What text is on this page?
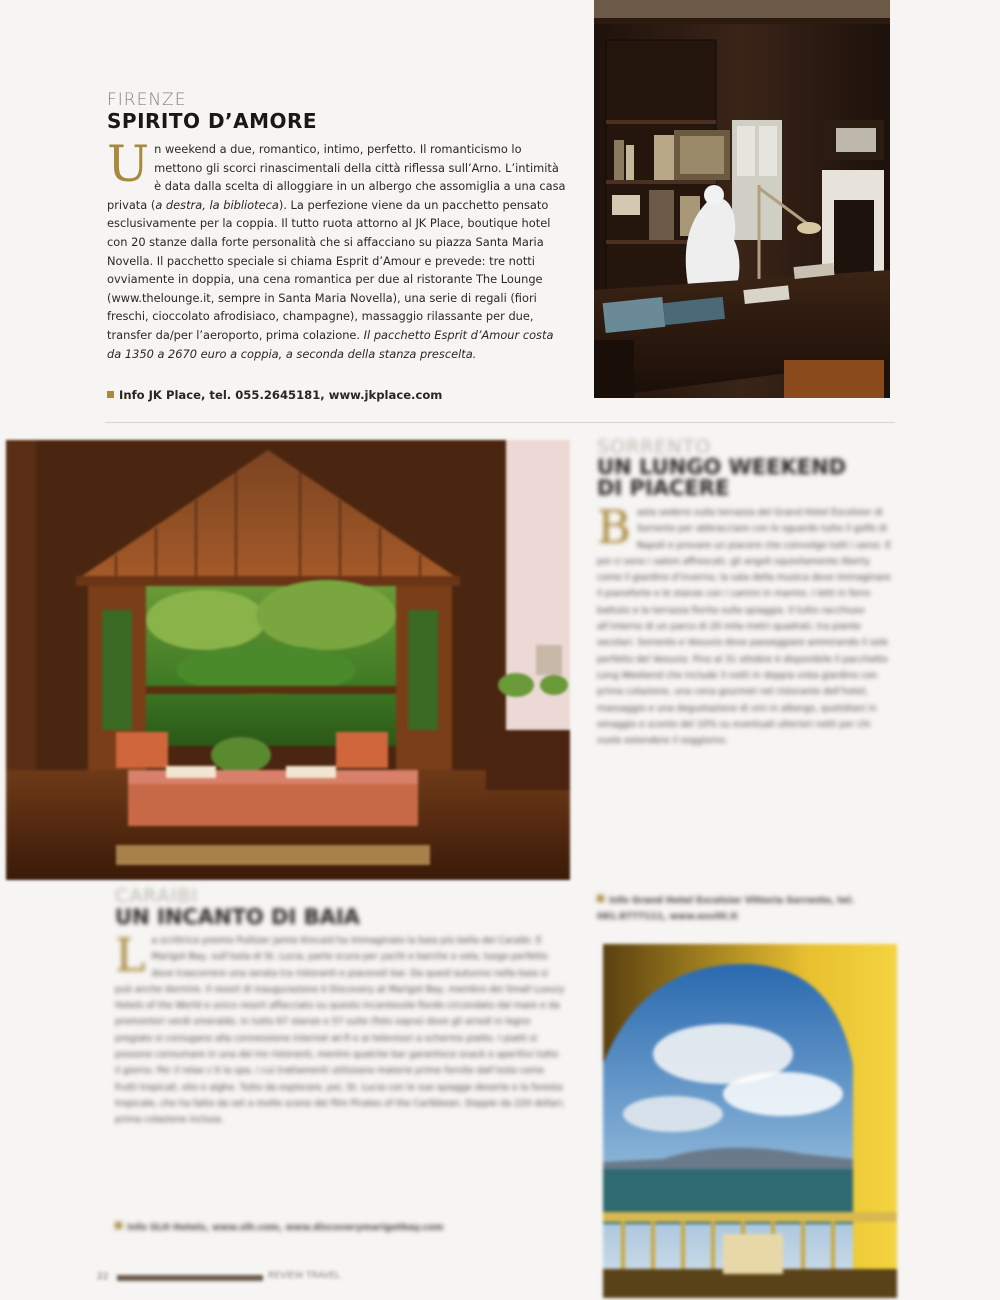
FIRENZE
SPIRITO D’AMORE
Un weekend a due, romantico, intimo, perfetto. Il romanticismo lo mettono gli scorci rinascimentali della città riflessa sull’Arno. L’intimità è data dalla scelta di alloggiare in un albergo che assomiglia a una casa privata (a destra, la biblioteca). La perfezione viene da un pacchetto pensato esclusivamente per la coppia. Il tutto ruota attorno al JK Place, boutique hotel con 20 stanze dalla forte personalità che si affacciano su piazza Santa Maria Novella. Il pacchetto speciale si chiama Esprit d’Amour e prevede: tre notti ovviamente in doppia, una cena romantica per due al ristorante The Lounge (www.thelounge.it, sempre in Santa Maria Novella), una serie di regali (fiori freschi, cioccolato afrodisiaco, champagne), massaggio rilassante per due, transfer da/per l’aeroporto, prima colazione. Il pacchetto Esprit d’Amour costa da 1350 a 2670 euro a coppia, a seconda della stanza prescelta.
Info JK Place, tel. 055.2645181, www.jkplace.com
SORRENTO
UN LUNGO WEEKEND DI PIACERE
Basta sedersi sulla terrazza del Grand Hotel Excelsior di Sorrento per abbracciare con lo sguardo tutto il golfo di Napoli e provare un piacere che coinvolge tutti i sensi. E poi ci sono i saloni affrescati, gli angoli squisitamente liberty come il giardino d’inverno, la sala della musica dove immaginare il pianoforte e le stanze con i camini in marmo. I letti in ferro battuto e la terrazza fiorita sulla spiaggia. Il tutto racchiuso all’interno di un parco di 20 mila metri quadrati, tra piante secolari. Sorrento e Vesuvio dove passeggiare ammirando il sole perfetto del Vesuvio. Fino al 31 ottobre è disponibile il pacchetto Long Weekend che include 3 notti in doppia vista giardino con prima colazione, una cena gourmet nel ristorante dell’hotel, massaggio e una degustazione di vini in albergo, quotidiani in omaggio e sconto del 10% su eventuali ulteriori notti per chi vuole estendere il soggiorno.
Info Grand Hotel Excelsior Vittoria Sorrento, tel. 081.8777111, www.exvitt.it
CARAIBI
UN INCANTO DI BAIA
La scrittrice premio Pulitzer Jamie Kincaid ha immaginato la baia più bella dei Caraibi. E Marigot Bay, sull’isola di St. Lucia, parte scura per yacht e barche a vela, luogo perfetto dove trascorrere una serata tra ristoranti e piacevoli bar. Da quest’autunno nella baia si può anche dormire. Il resort di inaugurazione è Discovery at Marigot Bay, membro dei Small Luxury Hotels of the World e unico resort affacciato su questo incantevole fiordo circondato dal mare e da promontori verdi smeraldo. In tutto 67 stanze e 57 suite (foto sopra) dove gli arredi in legno pregiato si coniugano alla connessione internet wi-fi e ai televisori a schermo piatto. I piatti si possono consumare in una dei tre ristoranti, mentre qualche bar garantisce snack e aperitivi tutto il giorno. Per il relax c’è la spa, i cui trattamenti utilizzano materie prime fornite dall’isola come frutti tropicali, olio e alghe. Tutto da esplorare, poi, St. Lucia con le sue spiagge deserte e la foresta tropicale, che ha fatto da set a molte scene dei film Pirates of the Caribbean. Doppie da 220 dollari, prima colazione inclusa.
Info SLH Hotels, www.slh.com, www.discoverymarigotbay.com
22	REVIEW TRAVEL
